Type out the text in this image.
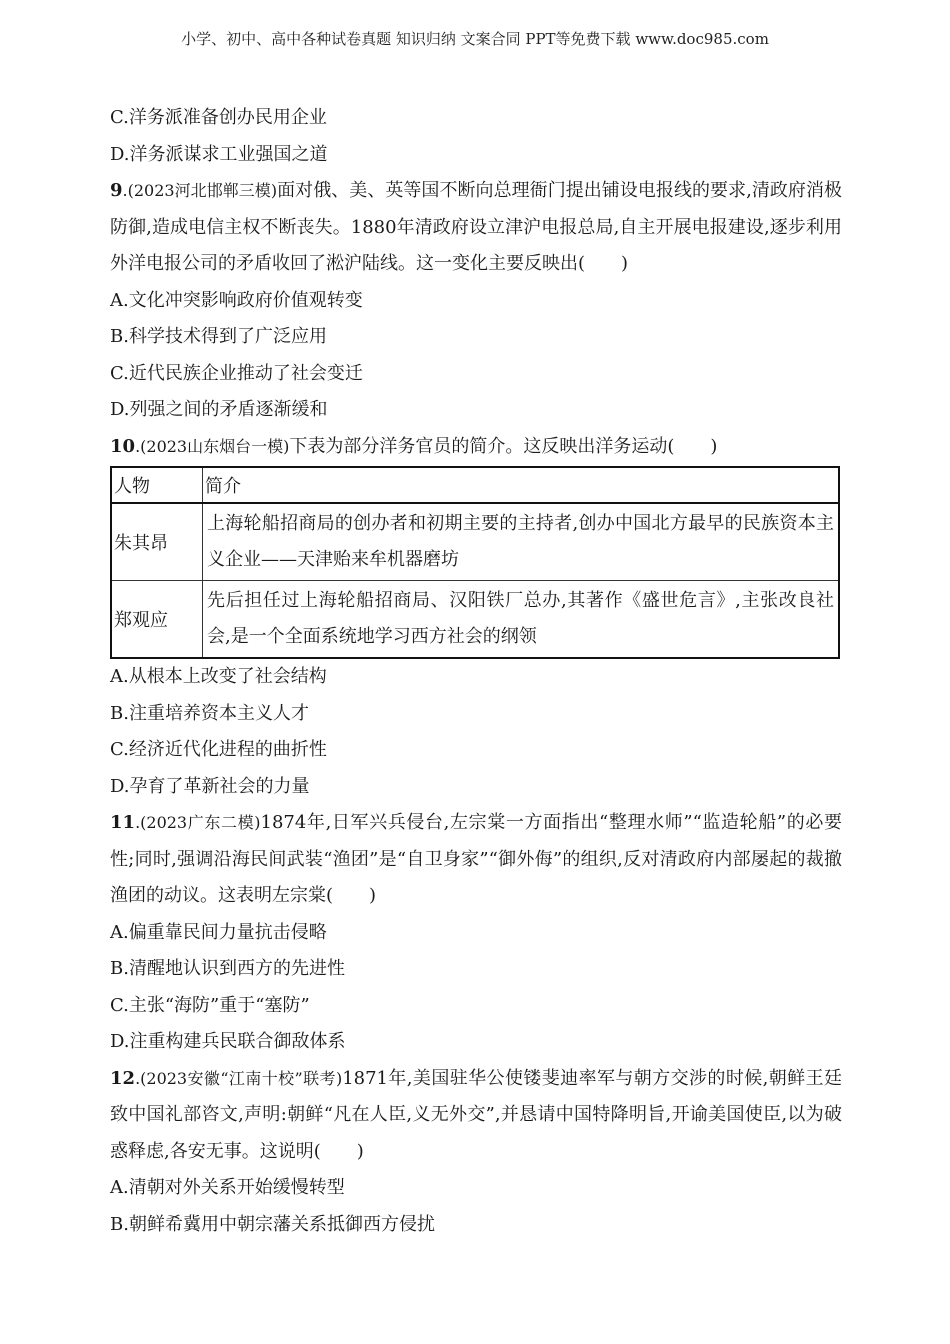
小学、初中、高中各种试卷真题 知识归纳 文案合同 PPT等免费下载 www.doc985.com
C.洋务派准备创办民用企业
D.洋务派谋求工业强国之道
9.(2023河北邯郸三模)面对俄、美、英等国不断向总理衙门提出铺设电报线的要求,清政府消极防御,造成电信主权不断丧失。1880年清政府设立津沪电报总局,自主开展电报建设,逐步利用外洋电报公司的矛盾收回了淞沪陆线。这一变化主要反映出(　　)
A.文化冲突影响政府价值观转变
B.科学技术得到了广泛应用
C.近代民族企业推动了社会变迁
D.列强之间的矛盾逐渐缓和
10.(2023山东烟台一模)下表为部分洋务官员的简介。这反映出洋务运动(　　)
人物	简介
朱其昂	上海轮船招商局的创办者和初期主要的主持者,创办中国北方最早的民族资本主义企业——天津贻来牟机器磨坊
郑观应	先后担任过上海轮船招商局、汉阳铁厂总办,其著作《盛世危言》,主张改良社会,是一个全面系统地学习西方社会的纲领
A.从根本上改变了社会结构
B.注重培养资本主义人才
C.经济近代化进程的曲折性
D.孕育了革新社会的力量
11.(2023广东二模)1874年,日军兴兵侵台,左宗棠一方面指出“整理水师”“监造轮船”的必要性;同时,强调沿海民间武装“渔团”是“自卫身家”“御外侮”的组织,反对清政府内部屡起的裁撤渔团的动议。这表明左宗棠(　　)
A.偏重靠民间力量抗击侵略
B.清醒地认识到西方的先进性
C.主张“海防”重于“塞防”
D.注重构建兵民联合御敌体系
12.(2023安徽“江南十校”联考)1871年,美国驻华公使镂斐迪率军与朝方交涉的时候,朝鲜王廷致中国礼部咨文,声明:朝鲜“凡在人臣,义无外交”,并恳请中国特降明旨,开谕美国使臣,以为破惑释虑,各安无事。这说明(　　)
A.清朝对外关系开始缓慢转型
B.朝鲜希冀用中朝宗藩关系抵御西方侵扰
